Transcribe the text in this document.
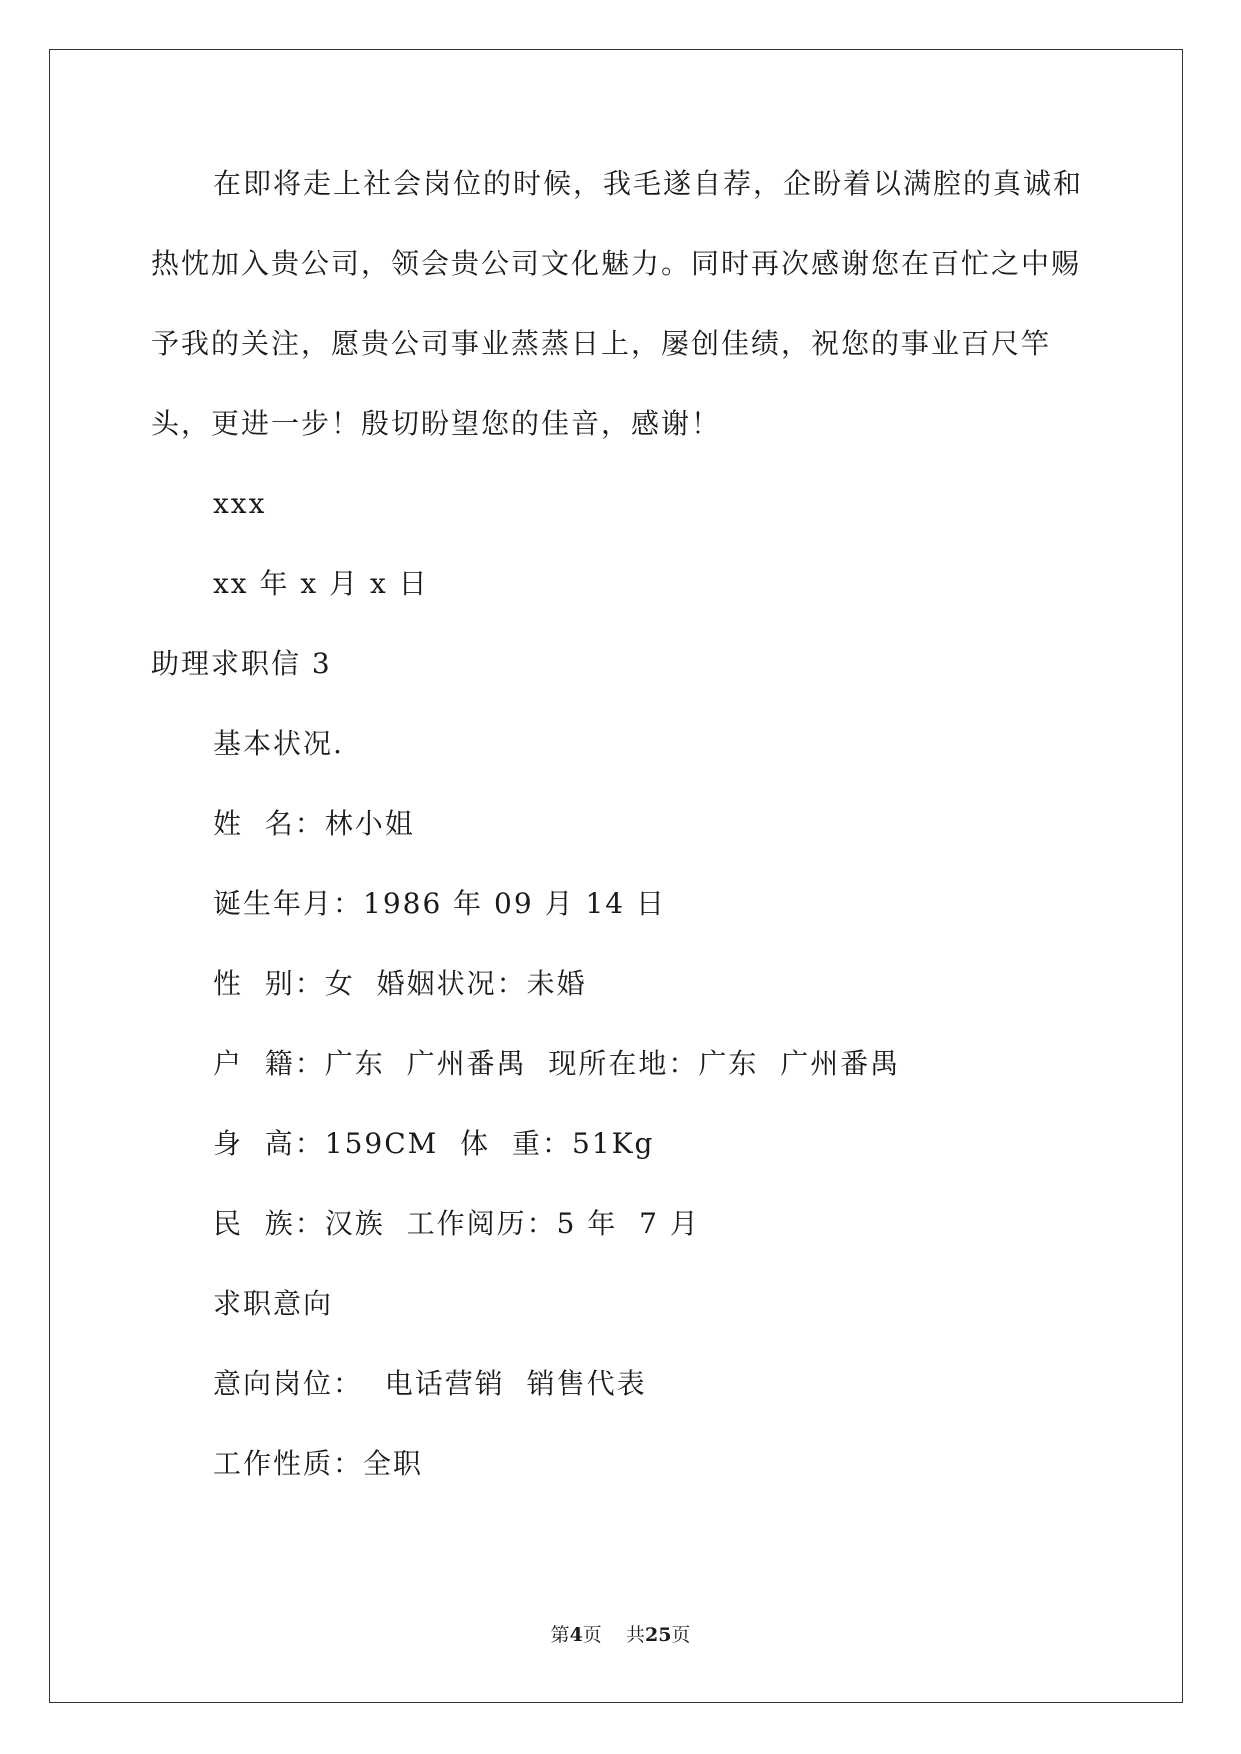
在即将走上社会岗位的时候，我毛遂自荐，企盼着以满腔的真诚和热忱加入贵公司，领会贵公司文化魅力。同时再次感谢您在百忙之中赐予我的关注，愿贵公司事业蒸蒸日上，屡创佳绩，祝您的事业百尺竿头，更进一步！殷切盼望您的佳音，感谢！

xxx

xx 年 x 月 x 日

助理求职信 3

基本状况.

姓  名：林小姐

诞生年月：1986 年 09 月 14 日

性  别：女  婚姻状况：未婚

户  籍：广东  广州番禺  现所在地：广东  广州番禺

身  高：159CM  体  重：51Kg

民  族：汉族  工作阅历：5 年  7 月

求职意向

意向岗位：  电话营销  销售代表

工作性质：全职

第4页    共25页
